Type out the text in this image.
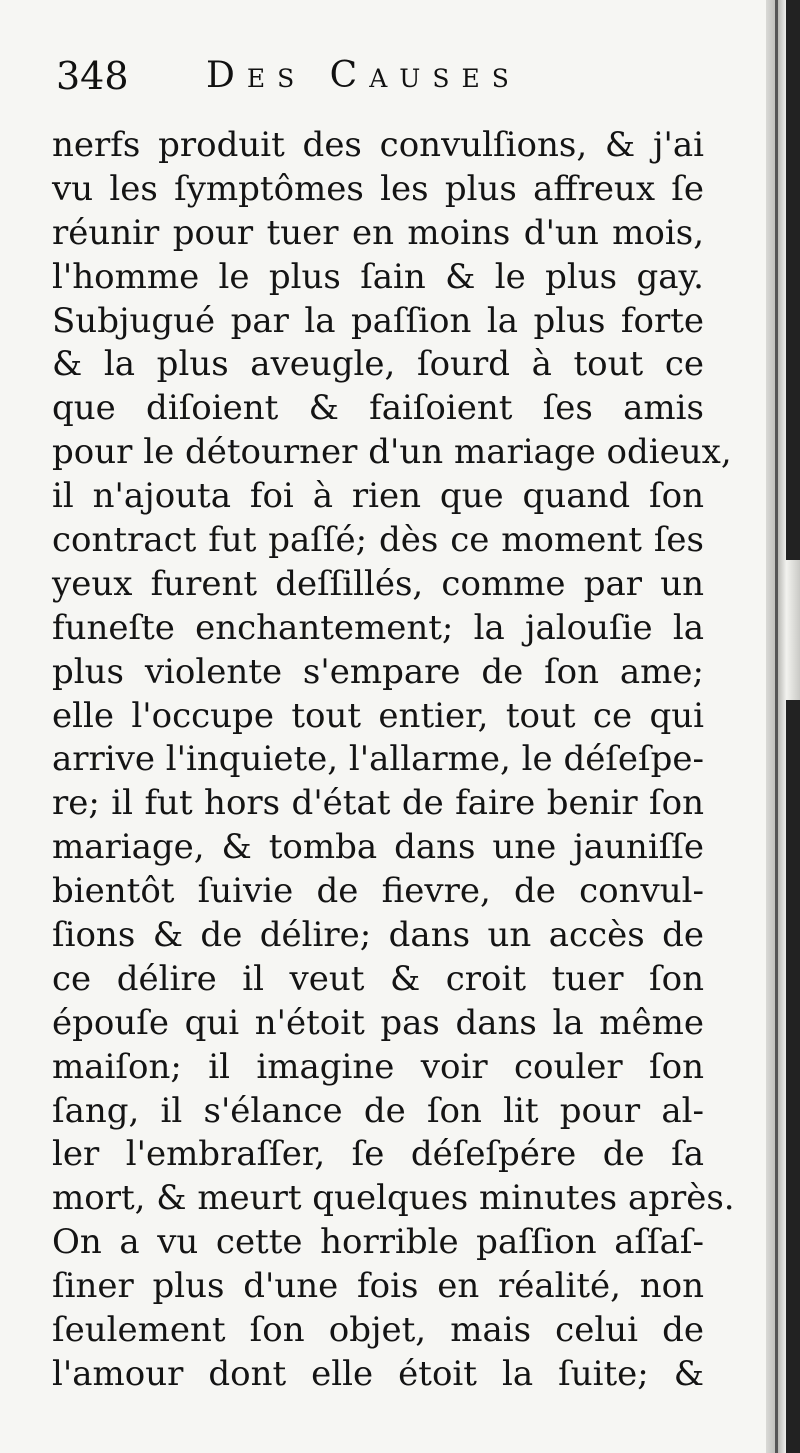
348 Des Causes
nerfs produit des convulſions, & j'ai
vu les ſymptômes les plus affreux ſe
réunir pour tuer en moins d'un mois,
l'homme le plus ſain & le plus gay.
Subjugué par la paſſion la plus forte
& la plus aveugle, ſourd à tout ce
que diſoient & faiſoient ſes amis
pour le détourner d'un mariage odieux,
il n'ajouta foi à rien que quand ſon
contract fut paſſé; dès ce moment ſes
yeux furent deſſillés, comme par un
funeſte enchantement; la jalouſie la
plus violente s'empare de ſon ame;
elle l'occupe tout entier, tout ce qui
arrive l'inquiete, l'allarme, le déſeſpe-
re; il fut hors d'état de faire benir ſon
mariage, & tomba dans une jauniſſe
bientôt ſuivie de fievre, de convul-
ſions & de délire; dans un accès de
ce délire il veut & croit tuer ſon
épouſe qui n'étoit pas dans la même
maiſon; il imagine voir couler ſon
ſang, il s'élance de ſon lit pour al-
ler l'embraſſer, ſe déſeſpére de ſa
mort, & meurt quelques minutes après.
On a vu cette horrible paſſion aſſaſ-
ſiner plus d'une fois en réalité, non
ſeulement ſon objet, mais celui de
l'amour dont elle étoit la ſuite; &
